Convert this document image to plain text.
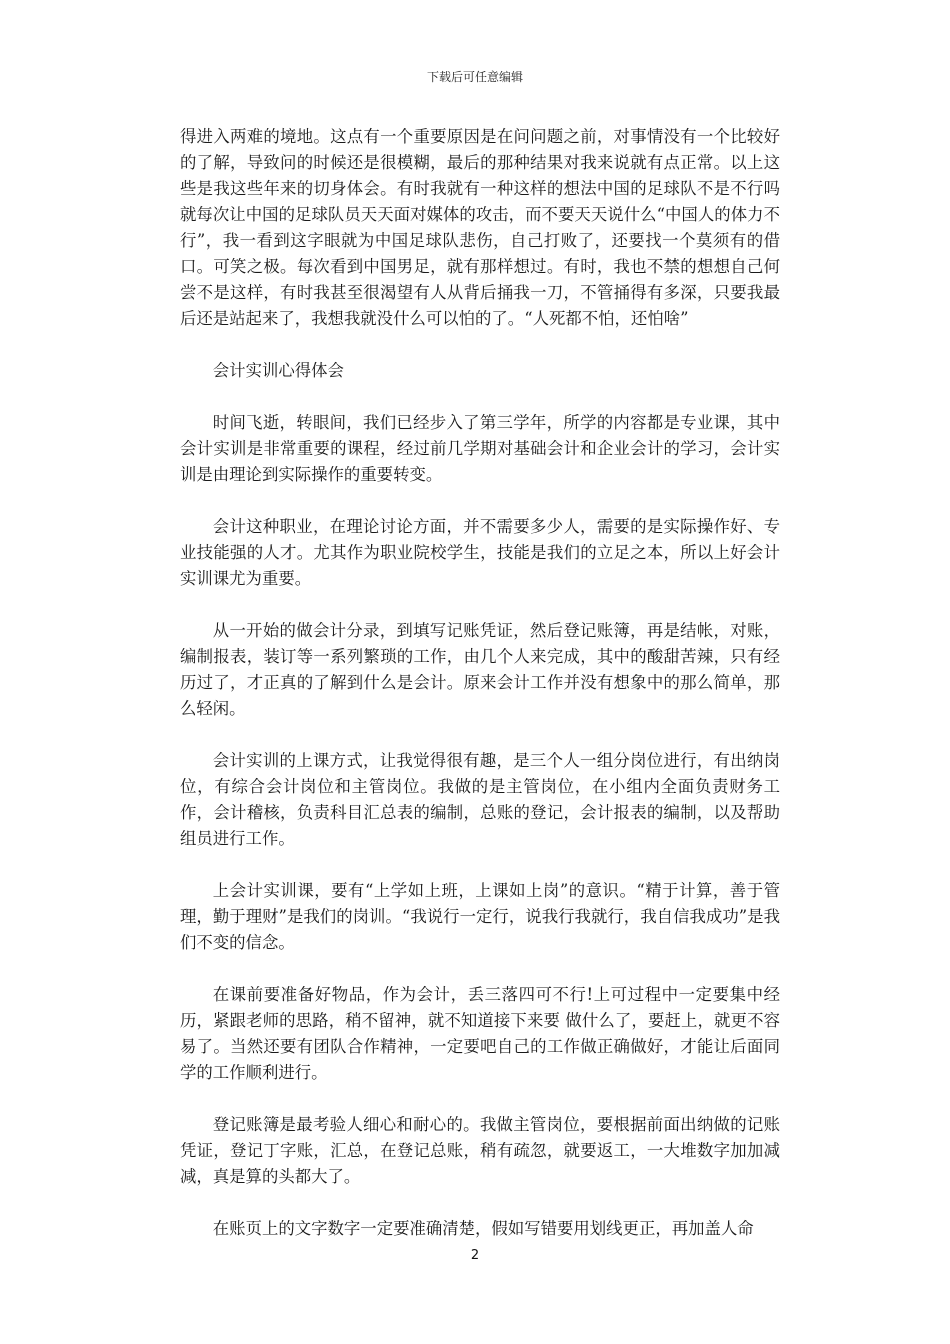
下载后可任意编辑

得进入两难的境地。这点有一个重要原因是在问问题之前，对事情没有一个比较好的了解，导致问的时候还是很模糊，最后的那种结果对我来说就有点正常。以上这些是我这些年来的切身体会。有时我就有一种这样的想法中国的足球队不是不行吗就每次让中国的足球队员天天面对媒体的攻击，而不要天天说什么“中国人的体力不行”，我一看到这字眼就为中国足球队悲伤，自己打败了，还要找一个莫须有的借口。可笑之极。每次看到中国男足，就有那样想过。有时，我也不禁的想想自己何尝不是这样，有时我甚至很渴望有人从背后捅我一刀，不管捅得有多深，只要我最后还是站起来了，我想我就没什么可以怕的了。“人死都不怕，还怕啥”

会计实训心得体会

时间飞逝，转眼间，我们已经步入了第三学年，所学的内容都是专业课，其中会计实训是非常重要的课程，经过前几学期对基础会计和企业会计的学习，会计实训是由理论到实际操作的重要转变。

会计这种职业，在理论讨论方面，并不需要多少人，需要的是实际操作好、专业技能强的人才。尤其作为职业院校学生，技能是我们的立足之本，所以上好会计实训课尤为重要。

从一开始的做会计分录，到填写记账凭证，然后登记账簿，再是结帐，对账，编制报表，装订等一系列繁琐的工作，由几个人来完成，其中的酸甜苦辣，只有经历过了，才正真的了解到什么是会计。原来会计工作并没有想象中的那么简单，那么轻闲。

会计实训的上课方式，让我觉得很有趣，是三个人一组分岗位进行，有出纳岗位，有综合会计岗位和主管岗位。我做的是主管岗位，在小组内全面负责财务工作，会计稽核，负责科目汇总表的编制，总账的登记，会计报表的编制，以及帮助组员进行工作。

上会计实训课，要有“上学如上班，上课如上岗”的意识。“精于计算，善于管理，勤于理财”是我们的岗训。“我说行一定行，说我行我就行，我自信我成功”是我们不变的信念。

在课前要准备好物品，作为会计，丢三落四可不行!上可过程中一定要集中经历，紧跟老师的思路，稍不留神，就不知道接下来要 做什么了，要赶上，就更不容易了。当然还要有团队合作精神，一定要吧自己的工作做正确做好，才能让后面同学的工作顺利进行。

登记账簿是最考验人细心和耐心的。我做主管岗位，要根据前面出纳做的记账凭证，登记丁字账，汇总，在登记总账，稍有疏忽，就要返工，一大堆数字加加减减，真是算的头都大了。

在账页上的文字数字一定要准确清楚，假如写错要用划线更正，再加盖人命

2
